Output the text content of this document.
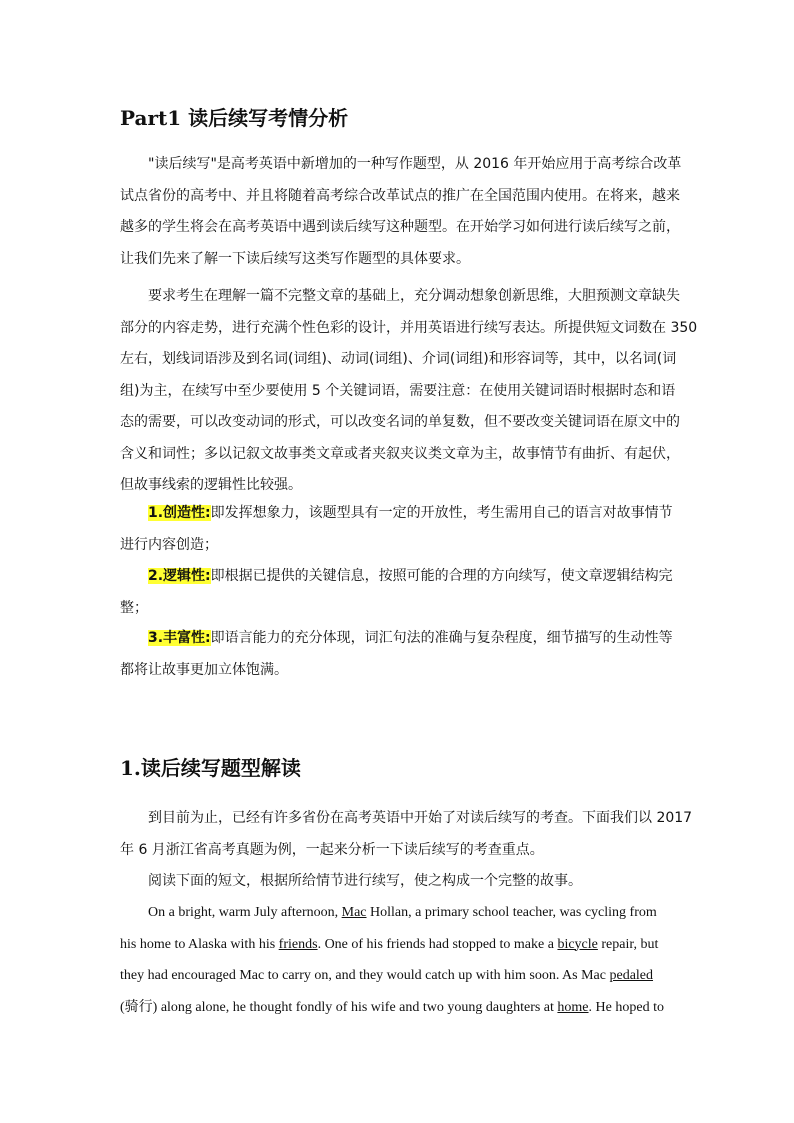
Part1 读后续写考情分析
"读后续写"是高考英语中新增加的一种写作题型，从 2016 年开始应用于高考综合改革
试点省份的高考中、并且将随着高考综合改革试点的推广在全国范围内使用。在将来，越来
越多的学生将会在高考英语中遇到读后续写这种题型。在开始学习如何进行读后续写之前，
让我们先来了解一下读后续写这类写作题型的具体要求。
要求考生在理解一篇不完整文章的基础上，充分调动想象创新思维，大胆预测文章缺失
部分的内容走势，进行充满个性色彩的设计，并用英语进行续写表达。所提供短文词数在 350
左右，划线词语涉及到名词(词组)、动词(词组)、介词(词组)和形容词等，其中，以名词(词
组)为主，在续写中至少要使用 5 个关键词语，需要注意：在使用关键词语时根据时态和语
态的需要，可以改变动词的形式，可以改变名词的单复数，但不要改变关键词语在原文中的
含义和词性；多以记叙文故事类文章或者夹叙夹议类文章为主，故事情节有曲折、有起伏，
但故事线索的逻辑性比较强。
1.创造性:即发挥想象力，该题型具有一定的开放性，考生需用自己的语言对故事情节
进行内容创造；
2.逻辑性:即根据已提供的关键信息，按照可能的合理的方向续写，使文章逻辑结构完
整；
3.丰富性:即语言能力的充分体现，词汇句法的准确与复杂程度，细节描写的生动性等
都将让故事更加立体饱满。
1.读后续写题型解读
到目前为止，已经有许多省份在高考英语中开始了对读后续写的考查。下面我们以 2017
年 6 月浙江省高考真题为例，一起来分析一下读后续写的考查重点。
阅读下面的短文，根据所给情节进行续写，使之构成一个完整的故事。
On a bright, warm July afternoon, Mac Hollan, a primary school teacher, was cycling from
his home to Alaska with his friends. One of his friends had stopped to make a bicycle repair, but
they had encouraged Mac to carry on, and they would catch up with him soon. As Mac pedaled
(骑行) along alone, he thought fondly of his wife and two young daughters at home. He hoped to
